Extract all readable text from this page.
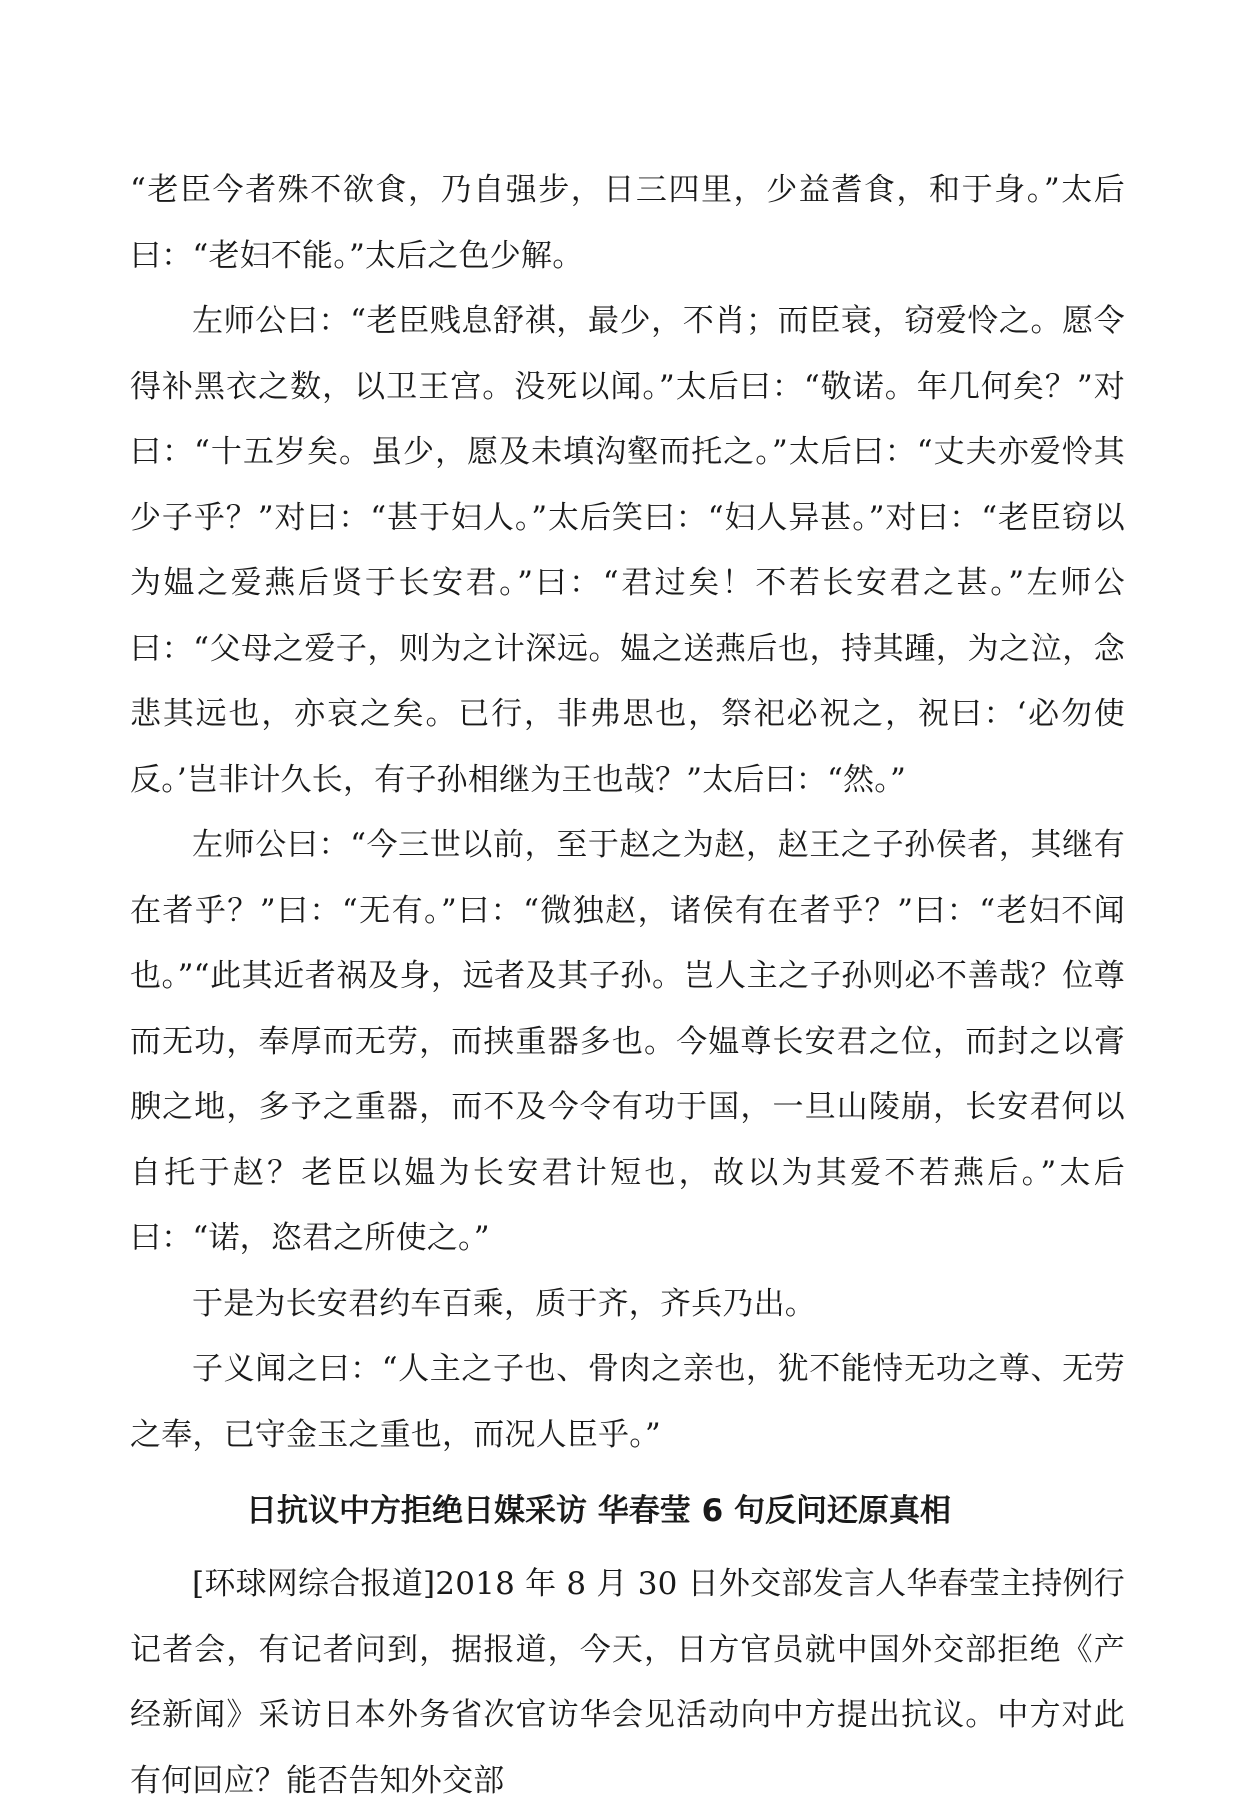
“老臣今者殊不欲食，乃自强步，日三四里，少益耆食，和于身。”太后曰：“老妇不能。”太后之色少解。

左师公曰：“老臣贱息舒祺，最少，不肖；而臣衰，窃爱怜之。愿令得补黑衣之数，以卫王宫。没死以闻。”太后曰：“敬诺。年几何矣？”对曰：“十五岁矣。虽少，愿及未填沟壑而托之。”太后曰：“丈夫亦爱怜其少子乎？”对曰：“甚于妇人。”太后笑曰：“妇人异甚。”对曰：“老臣窃以为媪之爱燕后贤于长安君。”曰：“君过矣！不若长安君之甚。”左师公曰：“父母之爱子，则为之计深远。媪之送燕后也，持其踵，为之泣，念悲其远也，亦哀之矣。已行，非弗思也，祭祀必祝之，祝曰：‘必勿使反。’岂非计久长，有子孙相继为王也哉？”太后曰：“然。”

左师公曰：“今三世以前，至于赵之为赵，赵王之子孙侯者，其继有在者乎？”曰：“无有。”曰：“微独赵，诸侯有在者乎？”曰：“老妇不闻也。”“此其近者祸及身，远者及其子孙。岂人主之子孙则必不善哉？位尊而无功，奉厚而无劳，而挟重器多也。今媪尊长安君之位，而封之以膏腴之地，多予之重器，而不及今令有功于国，一旦山陵崩，长安君何以自托于赵？老臣以媪为长安君计短也，故以为其爱不若燕后。”太后曰：“诺，恣君之所使之。”

于是为长安君约车百乘，质于齐，齐兵乃出。

子义闻之曰：“人主之子也、骨肉之亲也，犹不能恃无功之尊、无劳之奉，已守金玉之重也，而况人臣乎。”

日抗议中方拒绝日媒采访 华春莹 6 句反问还原真相

[环球网综合报道]2018 年 8 月 30 日外交部发言人华春莹主持例行记者会，有记者问到，据报道，今天，日方官员就中国外交部拒绝《产经新闻》采访日本外务省次官访华会见活动向中方提出抗议。中方对此有何回应？能否告知外交部
